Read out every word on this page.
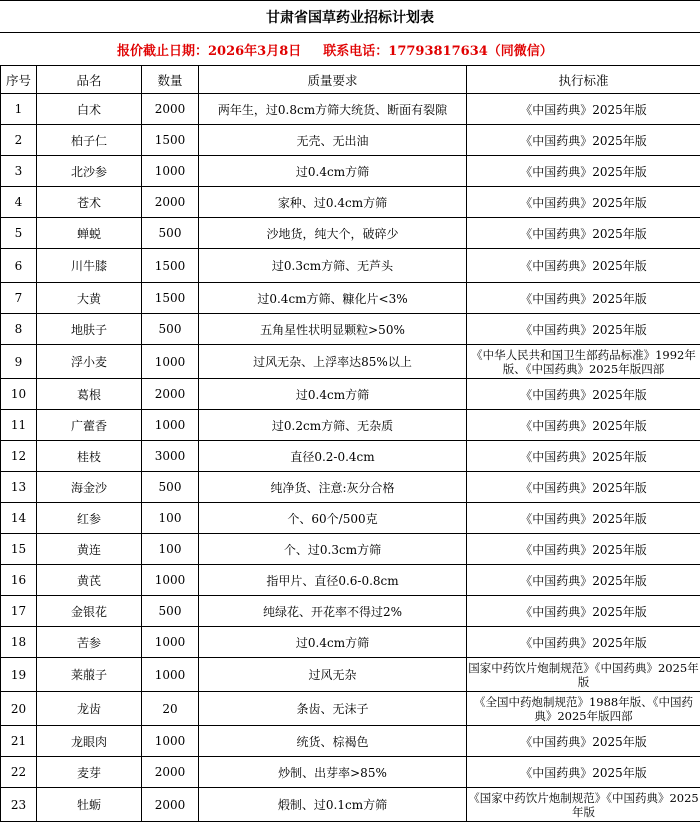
甘肃省国草药业招标计划表
报价截止日期：2026年3月8日 联系电话：17793817634（同微信）
序号	品名	数量	质量要求	执行标准
1	白术	2000	两年生，过0.8cm方筛大统货、断面有裂隙	《中国药典》2025年版
2	柏子仁	1500	无壳、无出油	《中国药典》2025年版
3	北沙参	1000	过0.4cm方筛	《中国药典》2025年版
4	苍术	2000	家种、过0.4cm方筛	《中国药典》2025年版
5	蝉蜕	500	沙地货，纯大个，破碎少	《中国药典》2025年版
6	川牛膝	1500	过0.3cm方筛、无芦头	《中国药典》2025年版
7	大黄	1500	过0.4cm方筛、糠化片<3%	《中国药典》2025年版
8	地肤子	500	五角星性状明显颗粒>50%	《中国药典》2025年版
9	浮小麦	1000	过风无杂、上浮率达85%以上	《中华人民共和国卫生部药品标准》1992年版、《中国药典》2025年版四部
10	葛根	2000	过0.4cm方筛	《中国药典》2025年版
11	广藿香	1000	过0.2cm方筛、无杂质	《中国药典》2025年版
12	桂枝	3000	直径0.2-0.4cm	《中国药典》2025年版
13	海金沙	500	纯净货、注意:灰分合格	《中国药典》2025年版
14	红参	100	个、60个/500克	《中国药典》2025年版
15	黄连	100	个、过0.3cm方筛	《中国药典》2025年版
16	黄芪	1000	指甲片、直径0.6-0.8cm	《中国药典》2025年版
17	金银花	500	纯绿花、开花率不得过2%	《中国药典》2025年版
18	苦参	1000	过0.4cm方筛	《中国药典》2025年版
19	莱菔子	1000	过风无杂	国家中药饮片炮制规范》《中国药典》2025年版
20	龙齿	20	条齿、无沫子	《全国中药炮制规范》1988年版、《中国药典》2025年版四部
21	龙眼肉	1000	统货、棕褐色	《中国药典》2025年版
22	麦芽	2000	炒制、出芽率>85%	《中国药典》2025年版
23	牡蛎	2000	煅制、过0.1cm方筛	《国家中药饮片炮制规范》《中国药典》2025年版
